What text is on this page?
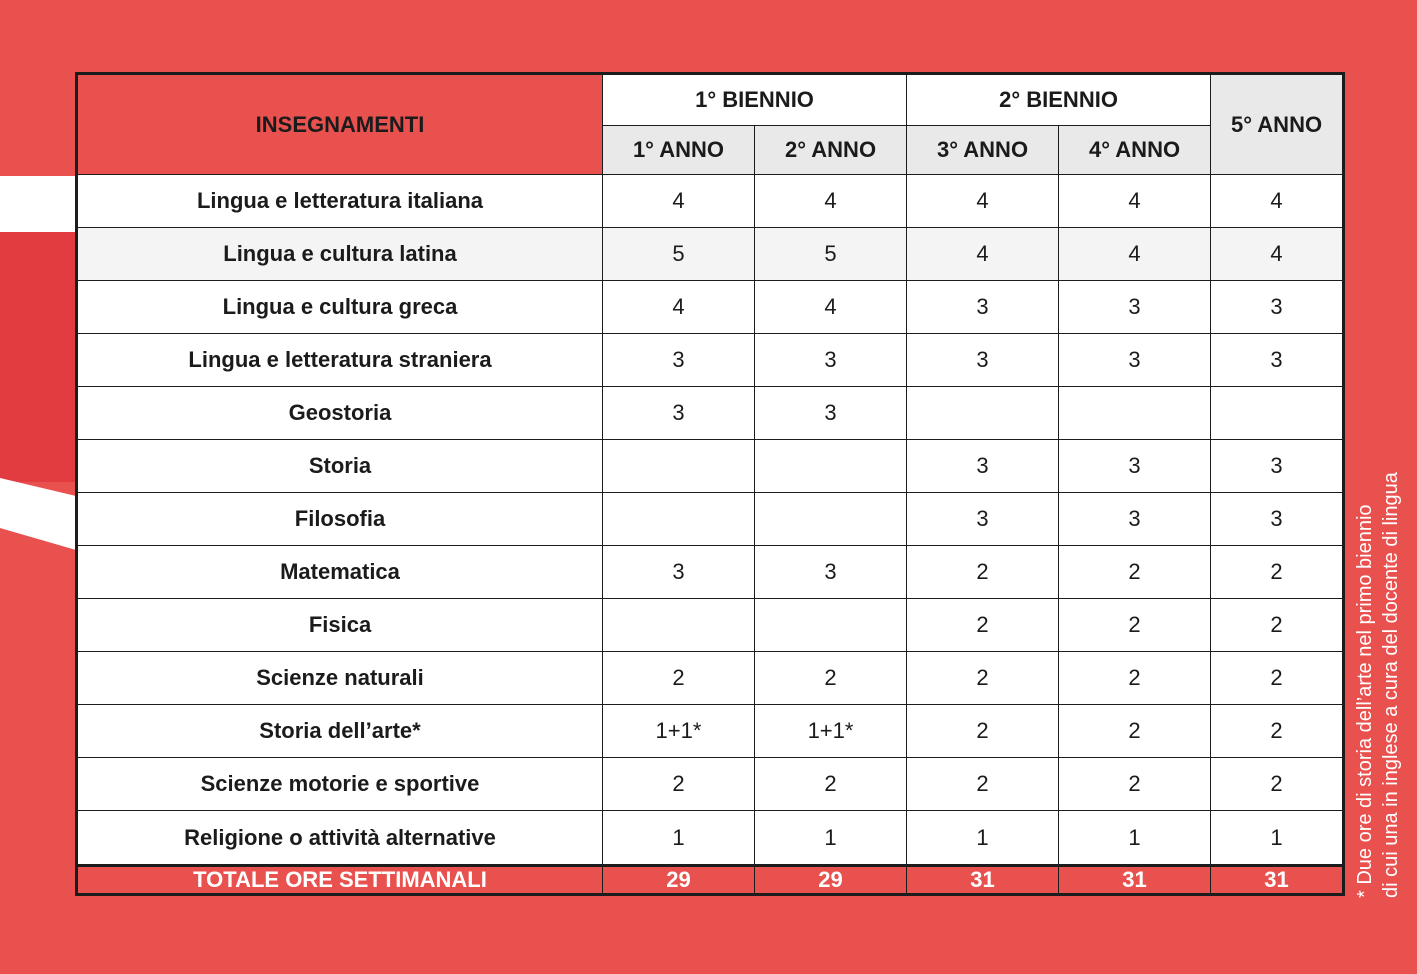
INSEGNAMENTI	1° BIENNIO		2° BIENNIO		5° ANNO
	1° ANNO	2° ANNO	3° ANNO	4° ANNO	
Lingua e letteratura italiana	4	4	4	4	4
Lingua e cultura latina	5	5	4	4	4
Lingua e cultura greca	4	4	3	3	3
Lingua e letteratura straniera	3	3	3	3	3
Geostoria	3	3			
Storia			3	3	3
Filosofia			3	3	3
Matematica	3	3	2	2	2
Fisica			2	2	2
Scienze naturali	2	2	2	2	2
Storia dell’arte*	1+1*	1+1*	2	2	2
Scienze motorie e sportive	2	2	2	2	2
Religione o attività alternative	1	1	1	1	1
TOTALE ORE SETTIMANALI	29	29	31	31	31	* Due ore di storia dell’arte nel primo biennio di cui una in inglese a cura del docente di lingua
